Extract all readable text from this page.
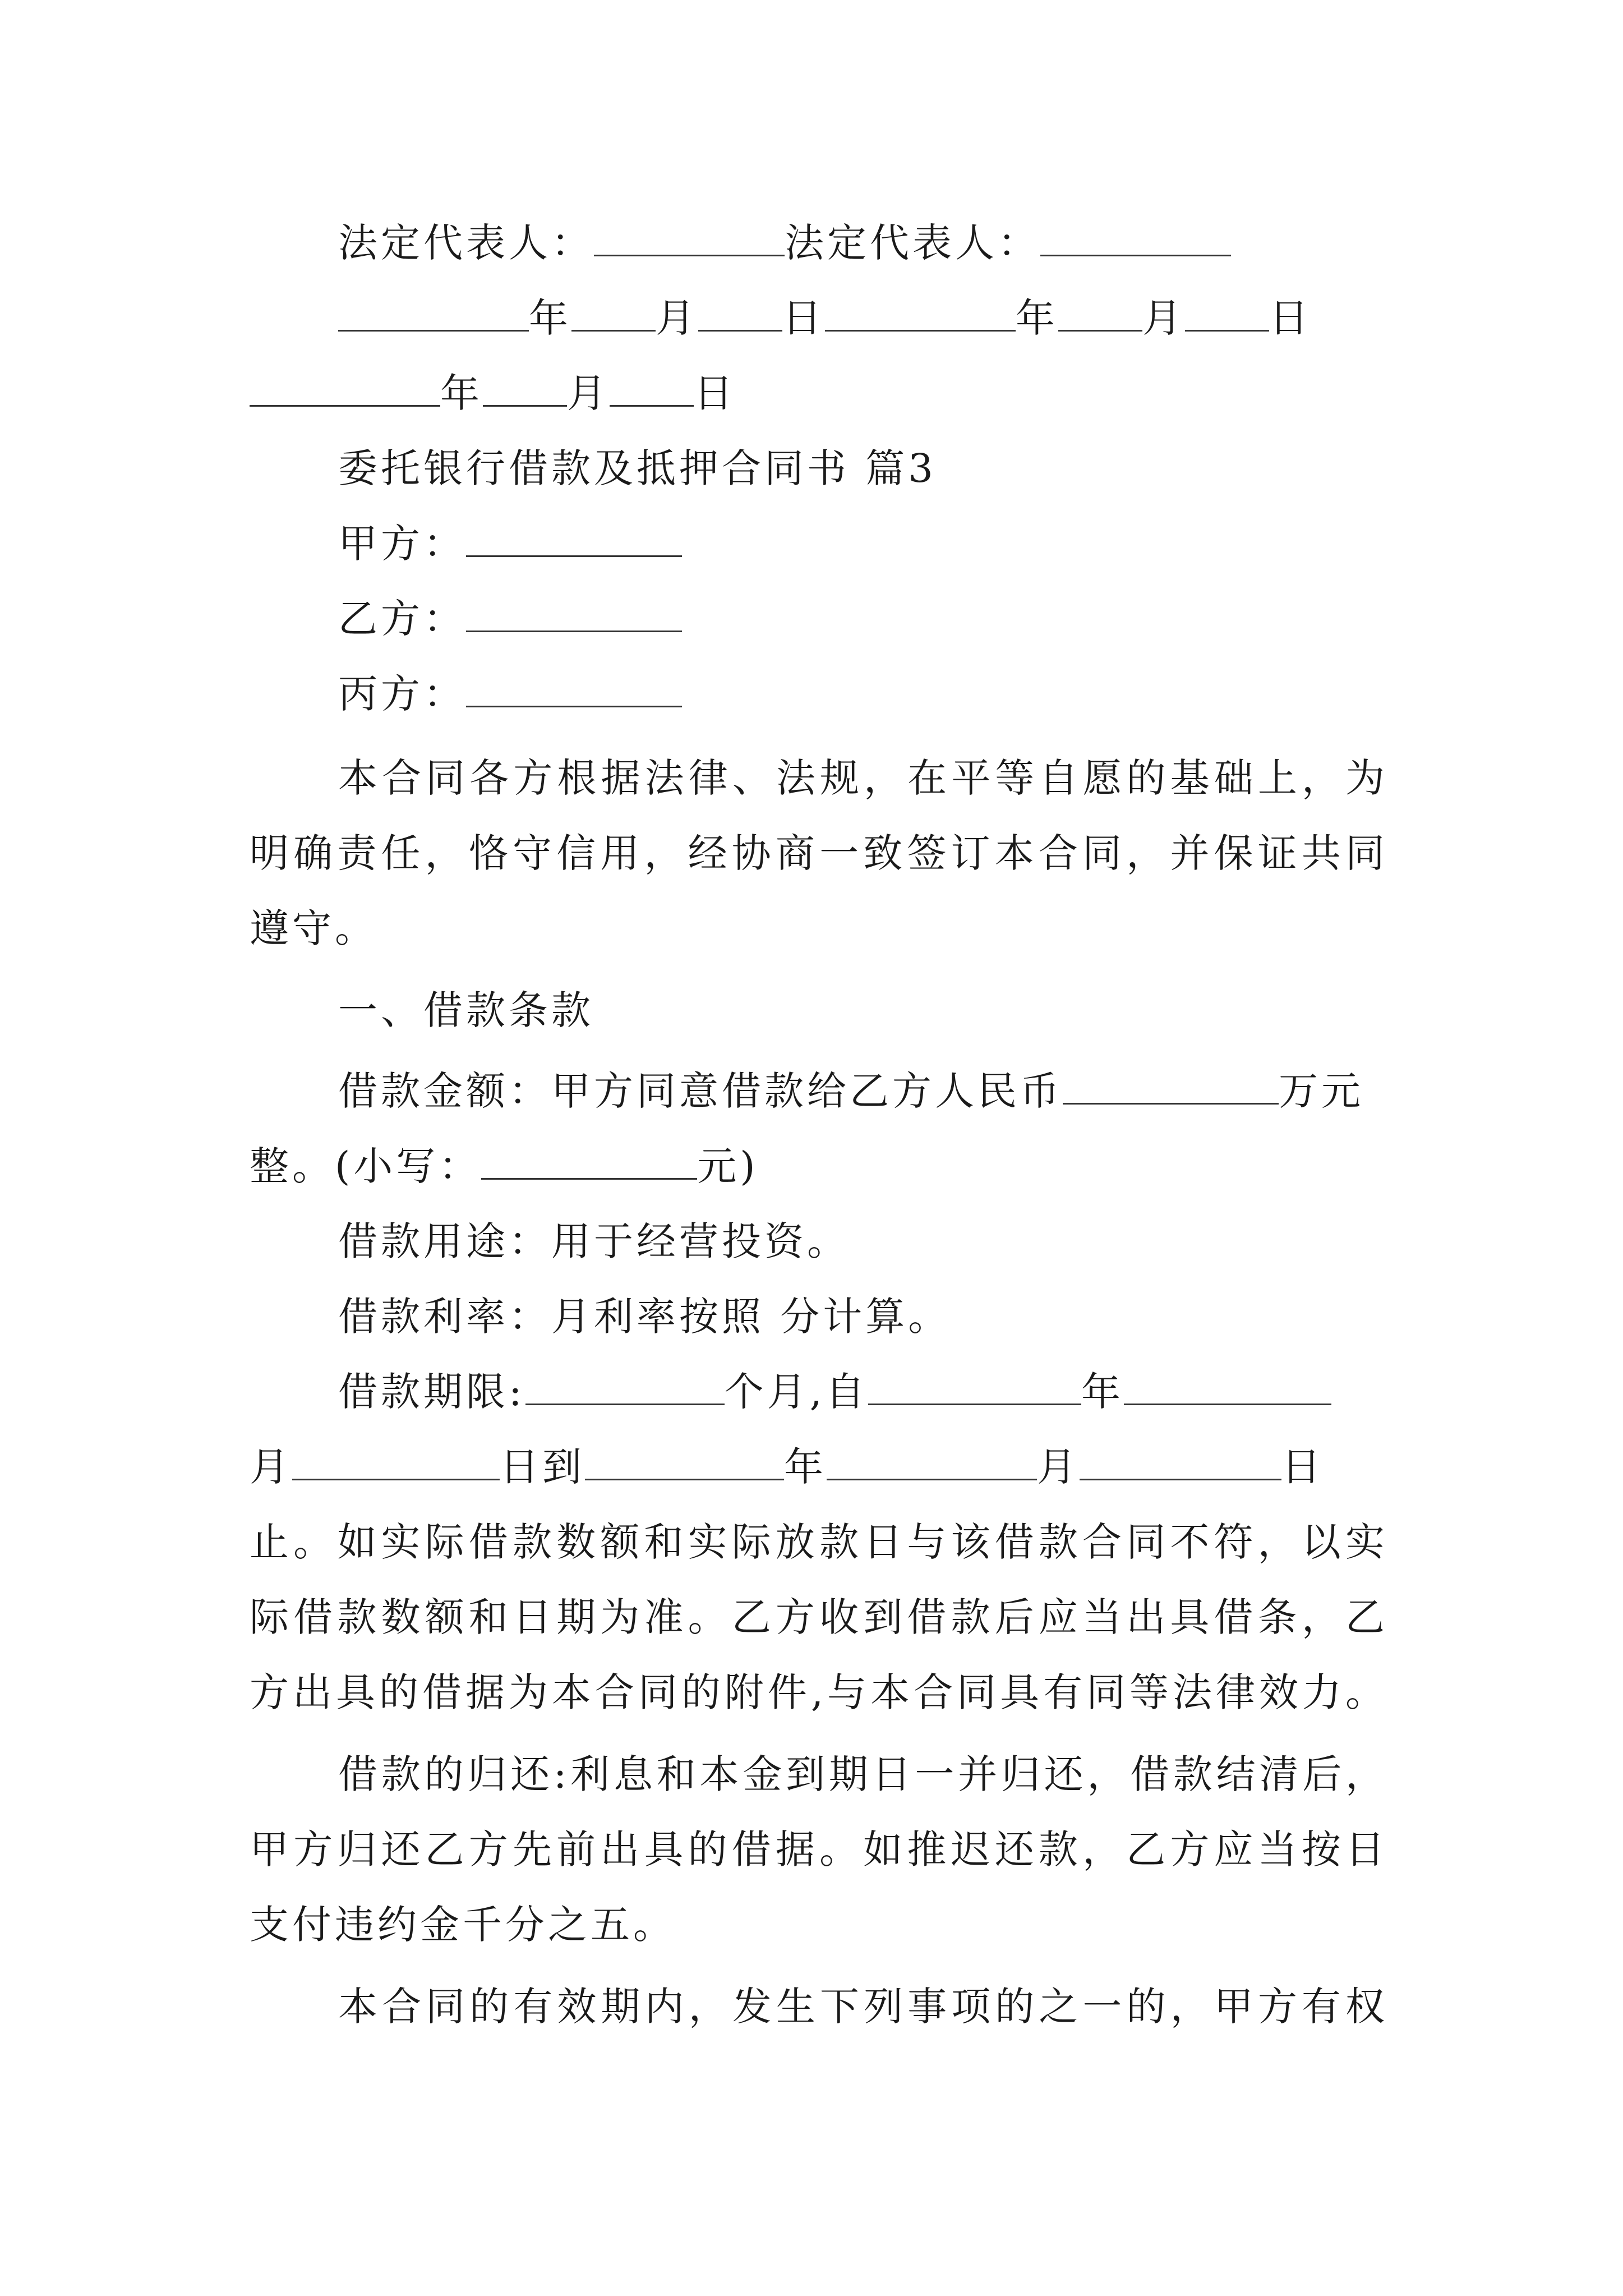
法定代表人：	法定代表人：
年 月 日	年 月 日
年 月 日
委托银行借款及抵押合同书 篇3
甲方：
乙方：
丙方：
本合同各方根据法律、法规，在平等自愿的基础上，为
明确责任，恪守信用，经协商一致签订本合同，并保证共同
遵守。
一、借款条款
借款金额：甲方同意借款给乙方人民币	万元
整。(小写：	元)
借款用途：用于经营投资。
借款利率：月利率按照 分计算。
借款期限:	个月,自	年
月	日到	年	月	日
止。如实际借款数额和实际放款日与该借款合同不符，以实
际借款数额和日期为准。乙方收到借款后应当出具借条，乙
方出具的借据为本合同的附件,与本合同具有同等法律效力。
借款的归还:利息和本金到期日一并归还，借款结清后，
甲方归还乙方先前出具的借据。如推迟还款，乙方应当按日
支付违约金千分之五。
本合同的有效期内，发生下列事项的之一的，甲方有权
